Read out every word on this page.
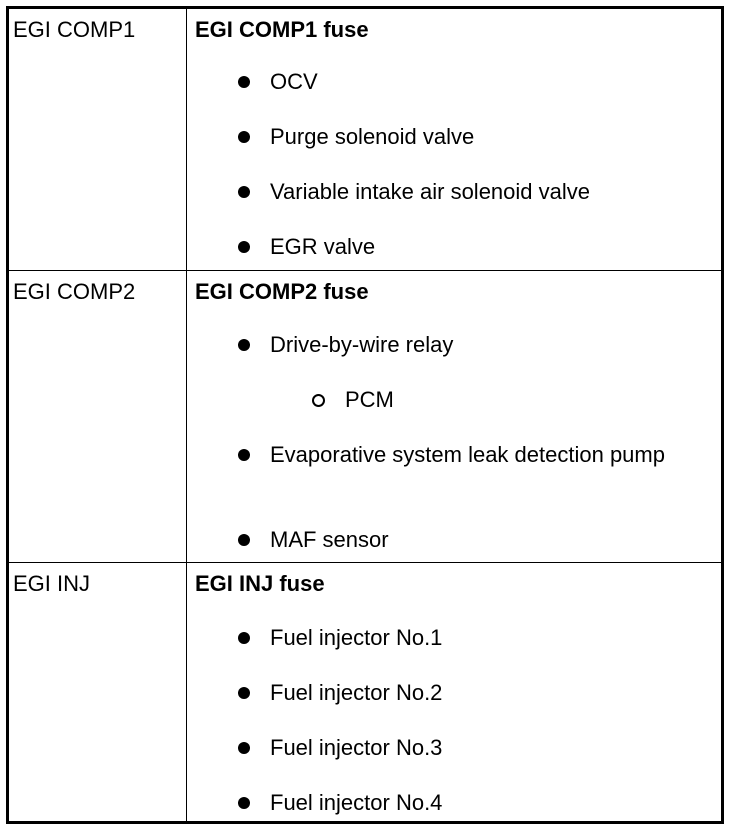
EGI COMP1	EGI COMP1 fuse
OCV
Purge solenoid valve
Variable intake air solenoid valve
EGR valve
EGI COMP2	EGI COMP2 fuse
Drive-by-wire relay
PCM
Evaporative system leak detection pump
MAF sensor
EGI INJ	EGI INJ fuse
Fuel injector No.1
Fuel injector No.2
Fuel injector No.3
Fuel injector No.4
